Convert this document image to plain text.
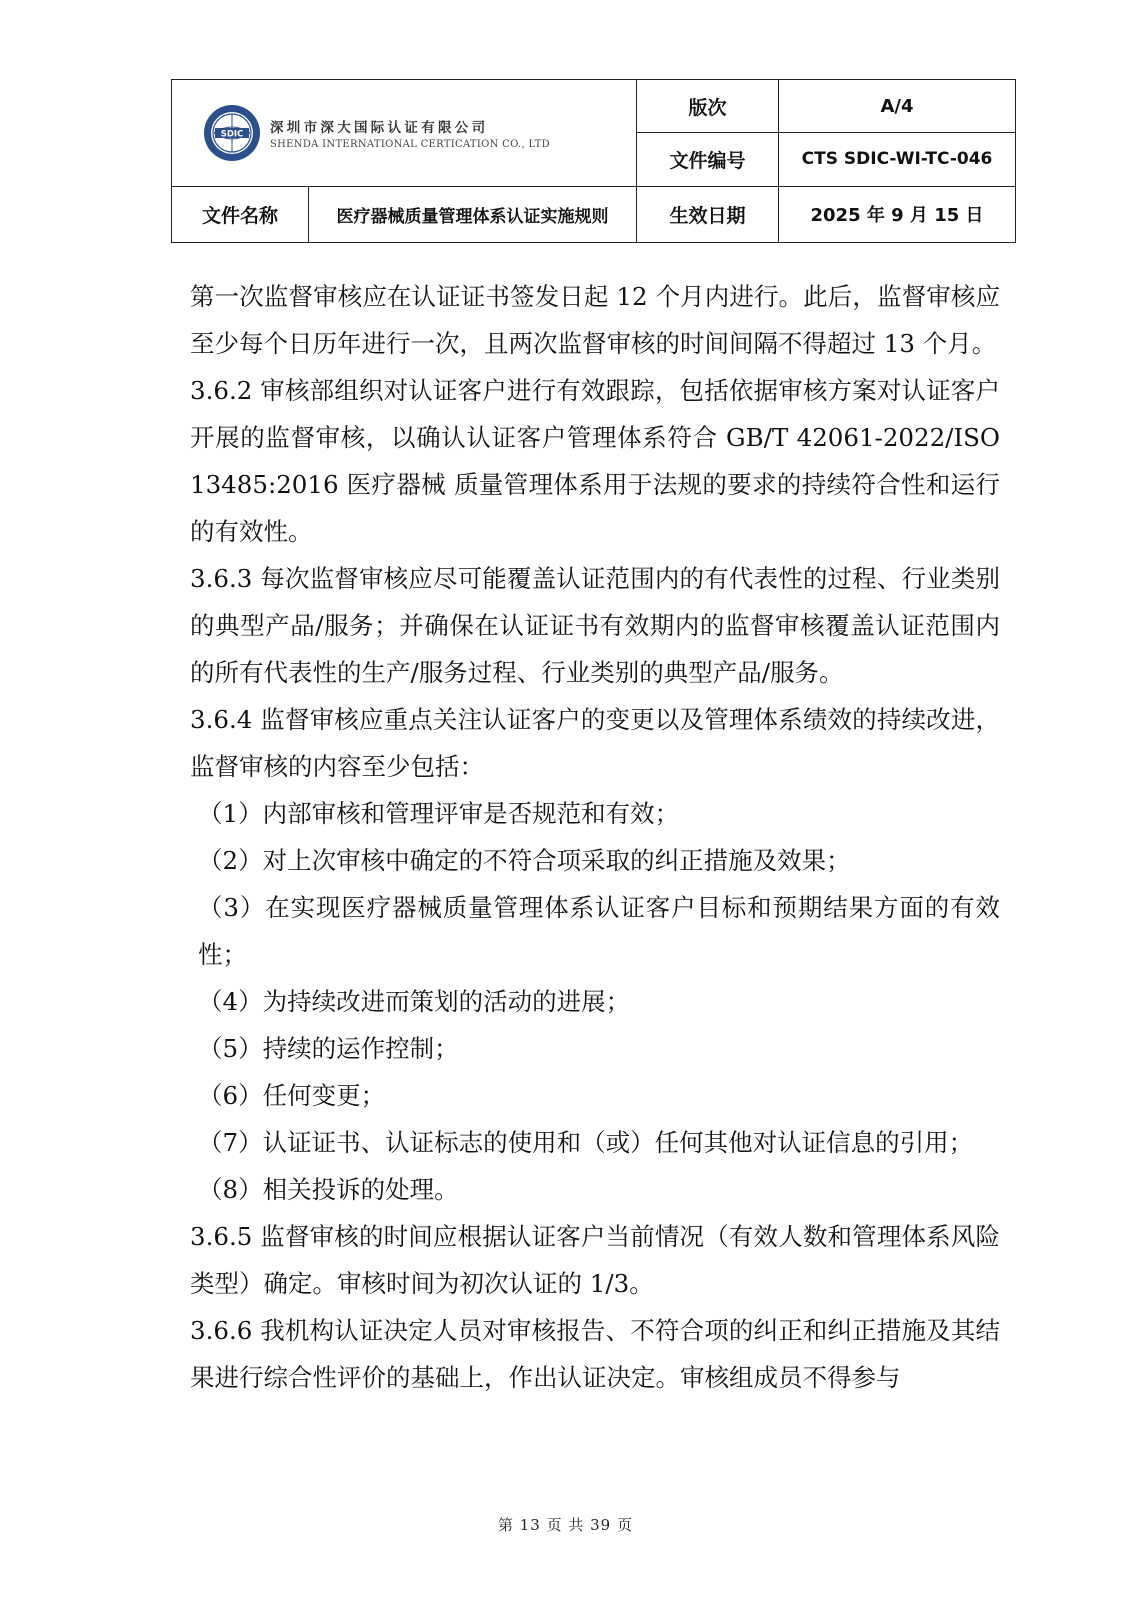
SDIC 深圳市深大国际认证有限公司
SHENDA INTERNATIONAL CERTICATION CO., LTD		版次	A/4
		文件编号	CTS SDIC-WI-TC-046
文件名称	医疗器械质量管理体系认证实施规则	生效日期	2025 年 9 月 15 日

第一次监督审核应在认证证书签发日起 12 个月内进行。此后，监督审核应至少每个日历年进行一次，且两次监督审核的时间间隔不得超过 13 个月。

3.6.2 审核部组织对认证客户进行有效跟踪，包括依据审核方案对认证客户开展的监督审核，以确认认证客户管理体系符合 GB/T 42061-2022/ISO 13485:2016 医疗器械 质量管理体系用于法规的要求的持续符合性和运行的有效性。

3.6.3 每次监督审核应尽可能覆盖认证范围内的有代表性的过程、行业类别的典型产品/服务；并确保在认证证书有效期内的监督审核覆盖认证范围内的所有代表性的生产/服务过程、行业类别的典型产品/服务。

3.6.4 监督审核应重点关注认证客户的变更以及管理体系绩效的持续改进，监督审核的内容至少包括：

（1）内部审核和管理评审是否规范和有效；

（2）对上次审核中确定的不符合项采取的纠正措施及效果；

（3）在实现医疗器械质量管理体系认证客户目标和预期结果方面的有效性；

（4）为持续改进而策划的活动的进展；

（5）持续的运作控制；

（6）任何变更；

（7）认证证书、认证标志的使用和（或）任何其他对认证信息的引用；

（8）相关投诉的处理。

3.6.5 监督审核的时间应根据认证客户当前情况（有效人数和管理体系风险类型）确定。审核时间为初次认证的 1/3。

3.6.6 我机构认证决定人员对审核报告、不符合项的纠正和纠正措施及其结果进行综合性评价的基础上，作出认证决定。审核组成员不得参与

第 13 页 共 39 页
